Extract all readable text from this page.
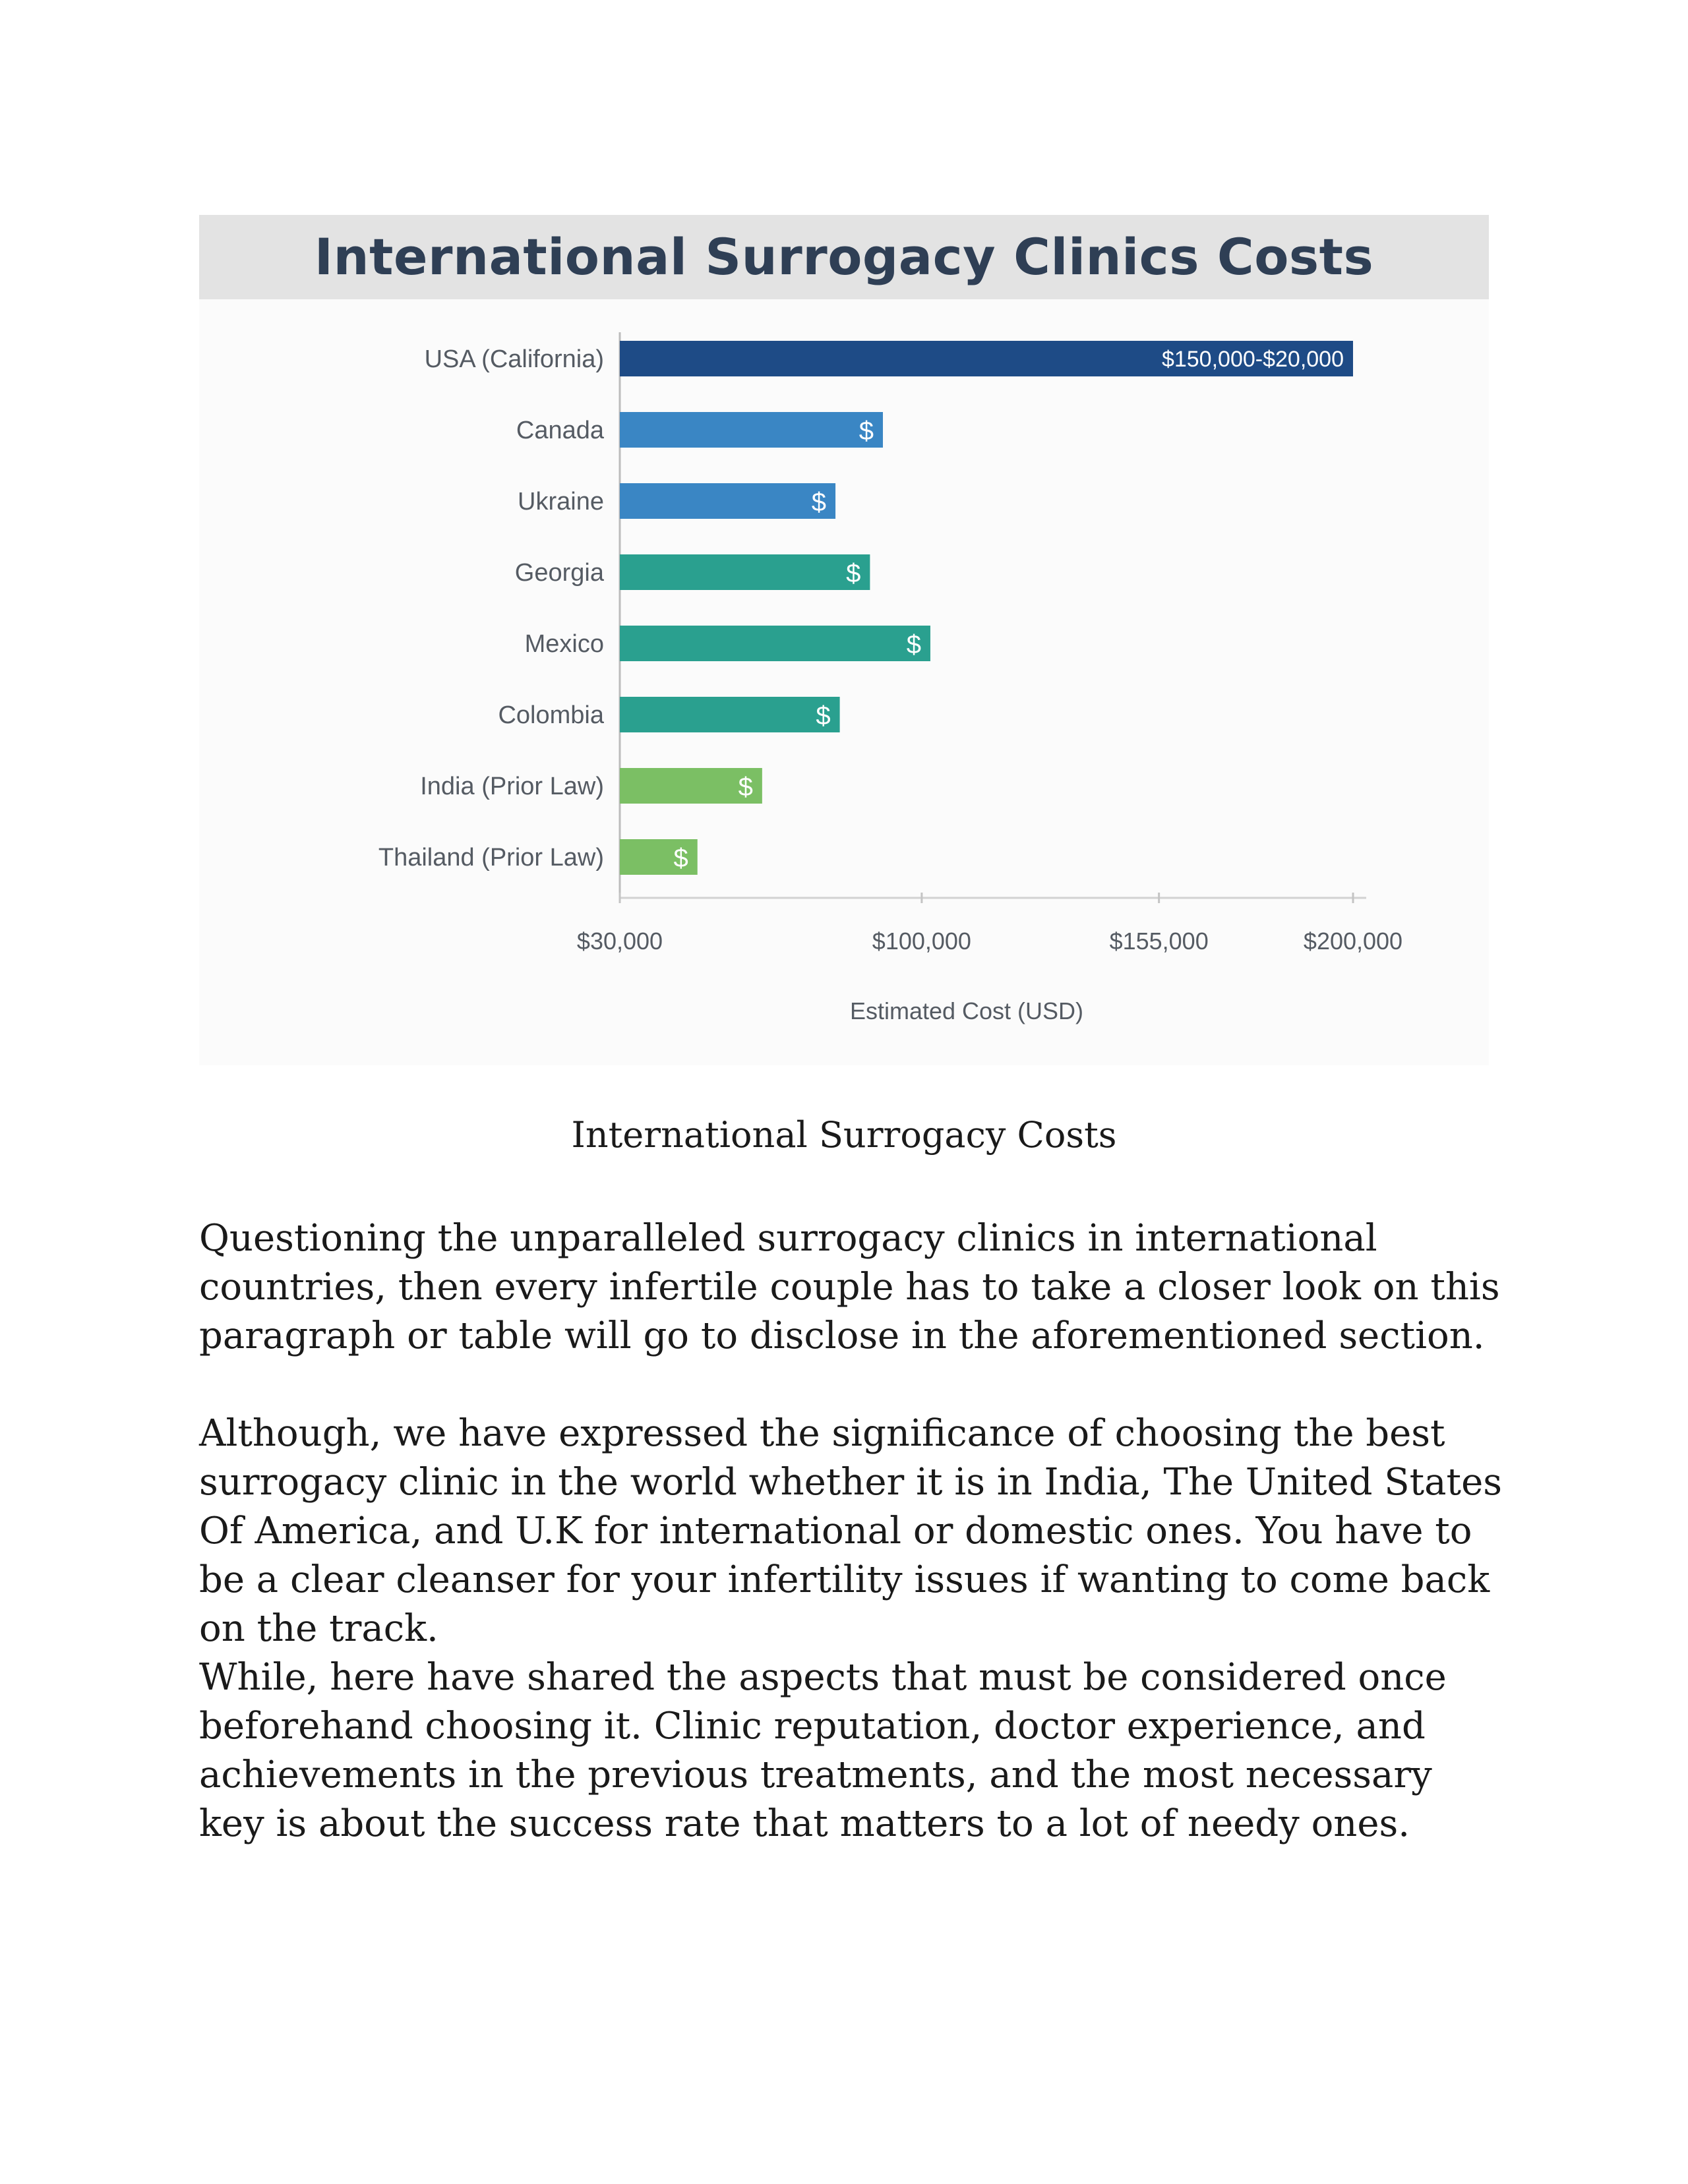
International Surrogacy Clinics Costs
USA (California)	$150,000-$20,000
Canada	$
Ukraine	$
Georgia	$
Mexico	$
Colombia	$
India (Prior Law)	$
Thailand (Prior Law)	$
$30,000	$100,000	$155,000	$200,000
Estimated Cost (USD)
International Surrogacy Costs

Questioning the unparalleled surrogacy clinics in international countries, then every infertile couple has to take a closer look on this paragraph or table will go to disclose in the aforementioned section.

Although, we have expressed the significance of choosing the best surrogacy clinic in the world whether it is in India, The United States Of America, and U.K for international or domestic ones. You have to be a clear cleanser for your infertility issues if wanting to come back on the track.

While, here have shared the aspects that must be considered once beforehand choosing it. Clinic reputation, doctor experience, and achievements in the previous treatments, and the most necessary key is about the success rate that matters to a lot of needy ones.
